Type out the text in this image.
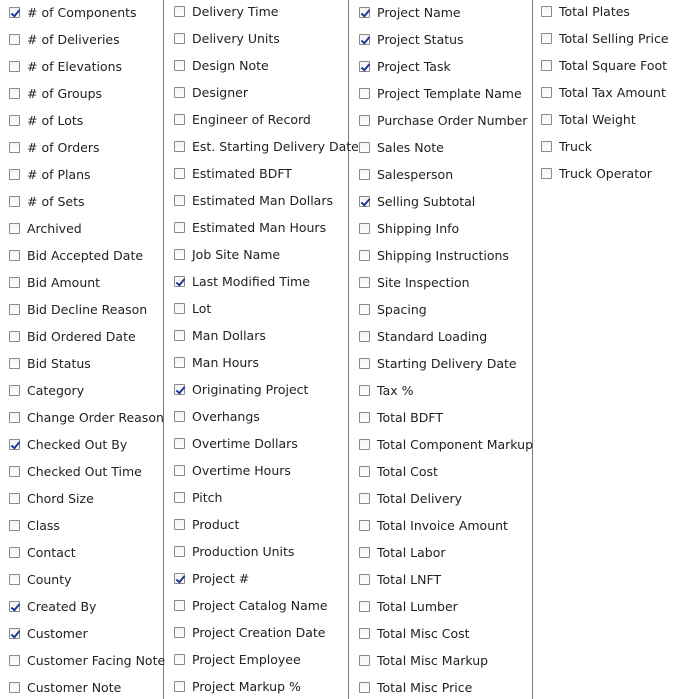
# of Components
# of Deliveries
# of Elevations
# of Groups
# of Lots
# of Orders
# of Plans
# of Sets
Archived
Bid Accepted Date
Bid Amount
Bid Decline Reason
Bid Ordered Date
Bid Status
Category
Change Order Reason
Checked Out By
Checked Out Time
Chord Size
Class
Contact
County
Created By
Customer
Customer Facing Note
Customer Note
Delivery Time
Delivery Units
Design Note
Designer
Engineer of Record
Est. Starting Delivery Date
Estimated BDFT
Estimated Man Dollars
Estimated Man Hours
Job Site Name
Last Modified Time
Lot
Man Dollars
Man Hours
Originating Project
Overhangs
Overtime Dollars
Overtime Hours
Pitch
Product
Production Units
Project #
Project Catalog Name
Project Creation Date
Project Employee
Project Markup %
Project Name
Project Status
Project Task
Project Template Name
Purchase Order Number
Sales Note
Salesperson
Selling Subtotal
Shipping Info
Shipping Instructions
Site Inspection
Spacing
Standard Loading
Starting Delivery Date
Tax %
Total BDFT
Total Component Markup
Total Cost
Total Delivery
Total Invoice Amount
Total Labor
Total LNFT
Total Lumber
Total Misc Cost
Total Misc Markup
Total Misc Price
Total Plates
Total Selling Price
Total Square Foot
Total Tax Amount
Total Weight
Truck
Truck Operator
